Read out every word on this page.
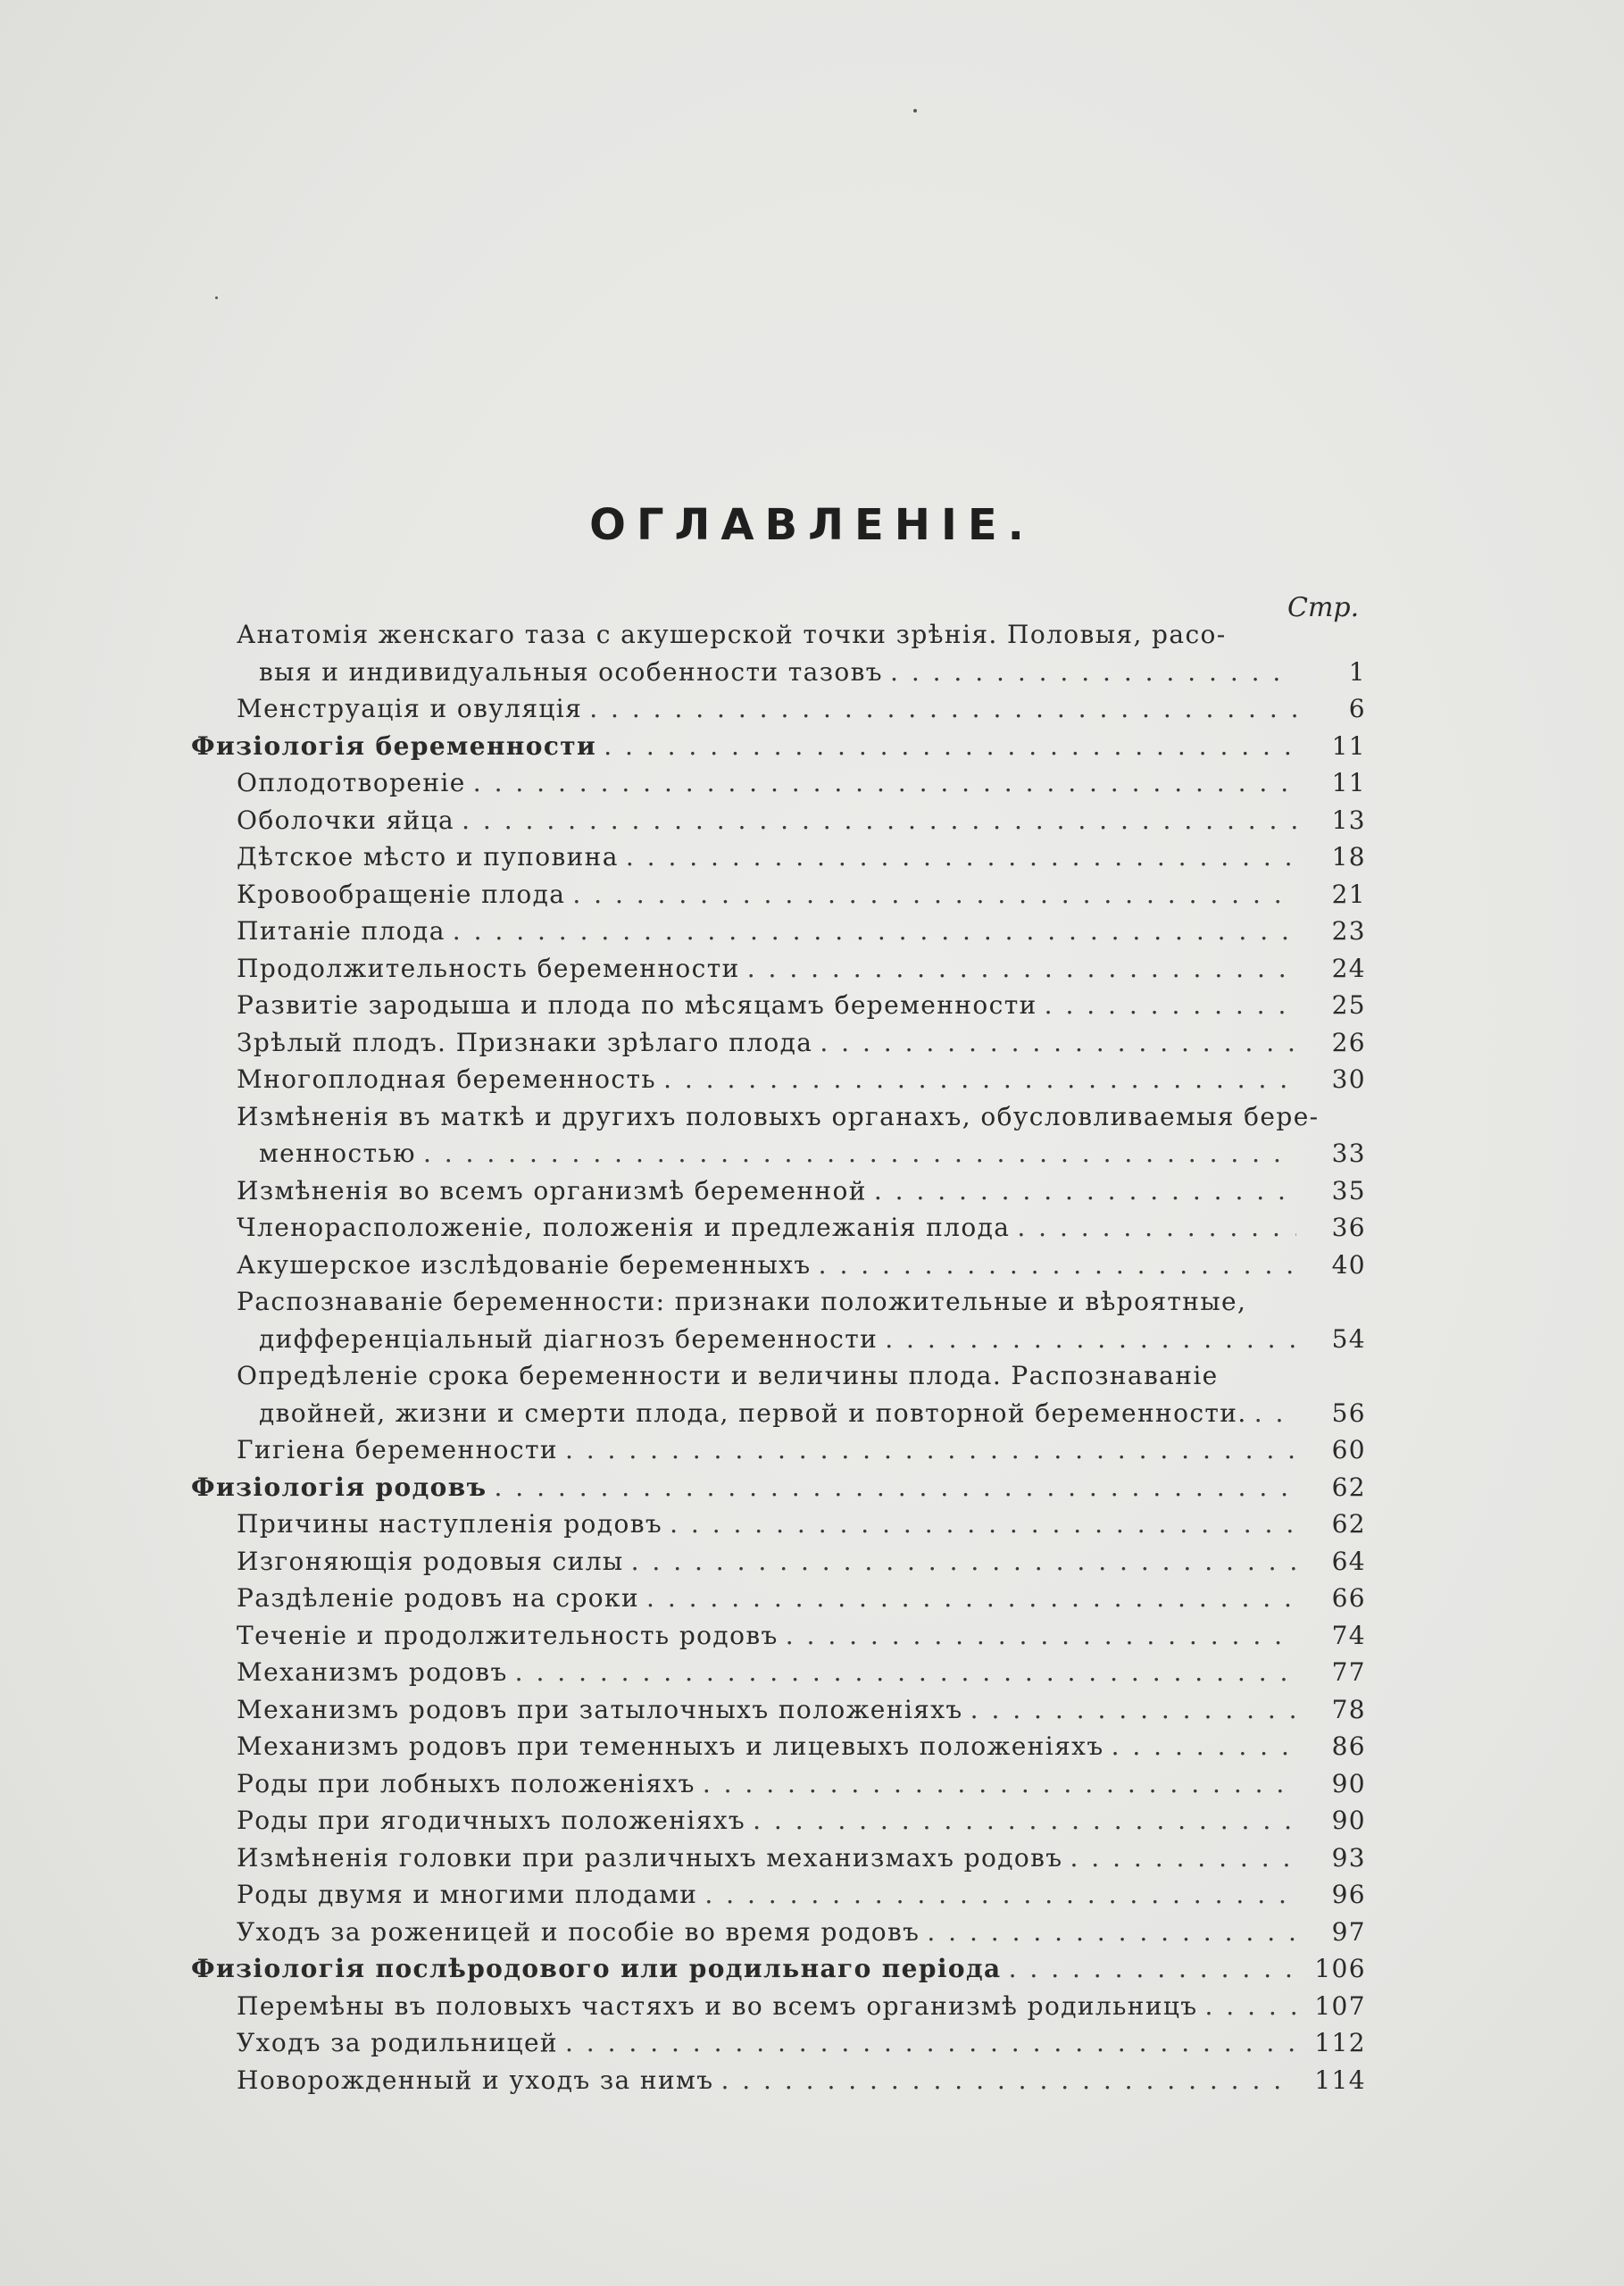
ОГЛАВЛЕНІЕ.
Стр.
Анатомія женскаго таза с акушерской точки зрѣнія. Половыя, расо-
выя и индивидуальныя особенности тазовъ . . .	1
Менструація и овуляція . . .	6
Физіологія беременности . . .	11
Оплодотвореніе . . .	11
Оболочки яйца . . .	13
Дѣтское мѣсто и пуповина . . .	18
Кровообращеніе плода . . .	21
Питаніе плода . . .	23
Продолжительность беременности . . .	24
Развитіе зародыша и плода по мѣсяцамъ беременности . . .	25
Зрѣлый плодъ. Признаки зрѣлаго плода . . .	26
Многоплодная беременность . . .	30
Измѣненія въ маткѣ и другихъ половыхъ органахъ, обусловливаемыя бере-
менностью . . .	33
Измѣненія во всемъ организмѣ беременной . . .	35
Членорасположеніе, положенія и предлежанія плода . . .	36
Акушерское изслѣдованіе беременныхъ . . .	40
Распознаваніе беременности: признаки положительные и вѣроятные,
дифференціальный діагнозъ беременности . . .	54
Опредѣленіе срока беременности и величины плода. Распознаваніе
двойней, жизни и смерти плода, первой и повторной беременности. . . .	56
Гигіена беременности . . .	60
Физіологія родовъ . . .	62
Причины наступленія родовъ . . .	62
Изгоняющія родовыя силы . . .	64
Раздѣленіе родовъ на сроки . . .	66
Теченіе и продолжительность родовъ . . .	74
Механизмъ родовъ . . .	77
Механизмъ родовъ при затылочныхъ положеніяхъ . . .	78
Механизмъ родовъ при теменныхъ и лицевыхъ положеніяхъ . . .	86
Роды при лобныхъ положеніяхъ . . .	90
Роды при ягодичныхъ положеніяхъ . . .	90
Измѣненія головки при различныхъ механизмахъ родовъ . . .	93
Роды двумя и многими плодами . . .	96
Уходъ за роженицей и пособіе во время родовъ . . .	97
Физіологія послѣродового или родильнаго періода . . .	106
Перемѣны въ половыхъ частяхъ и во всемъ организмѣ родильницъ . . .	107
Уходъ за родильницей . . .	112
Новорожденный и уходъ за нимъ . . .	114
